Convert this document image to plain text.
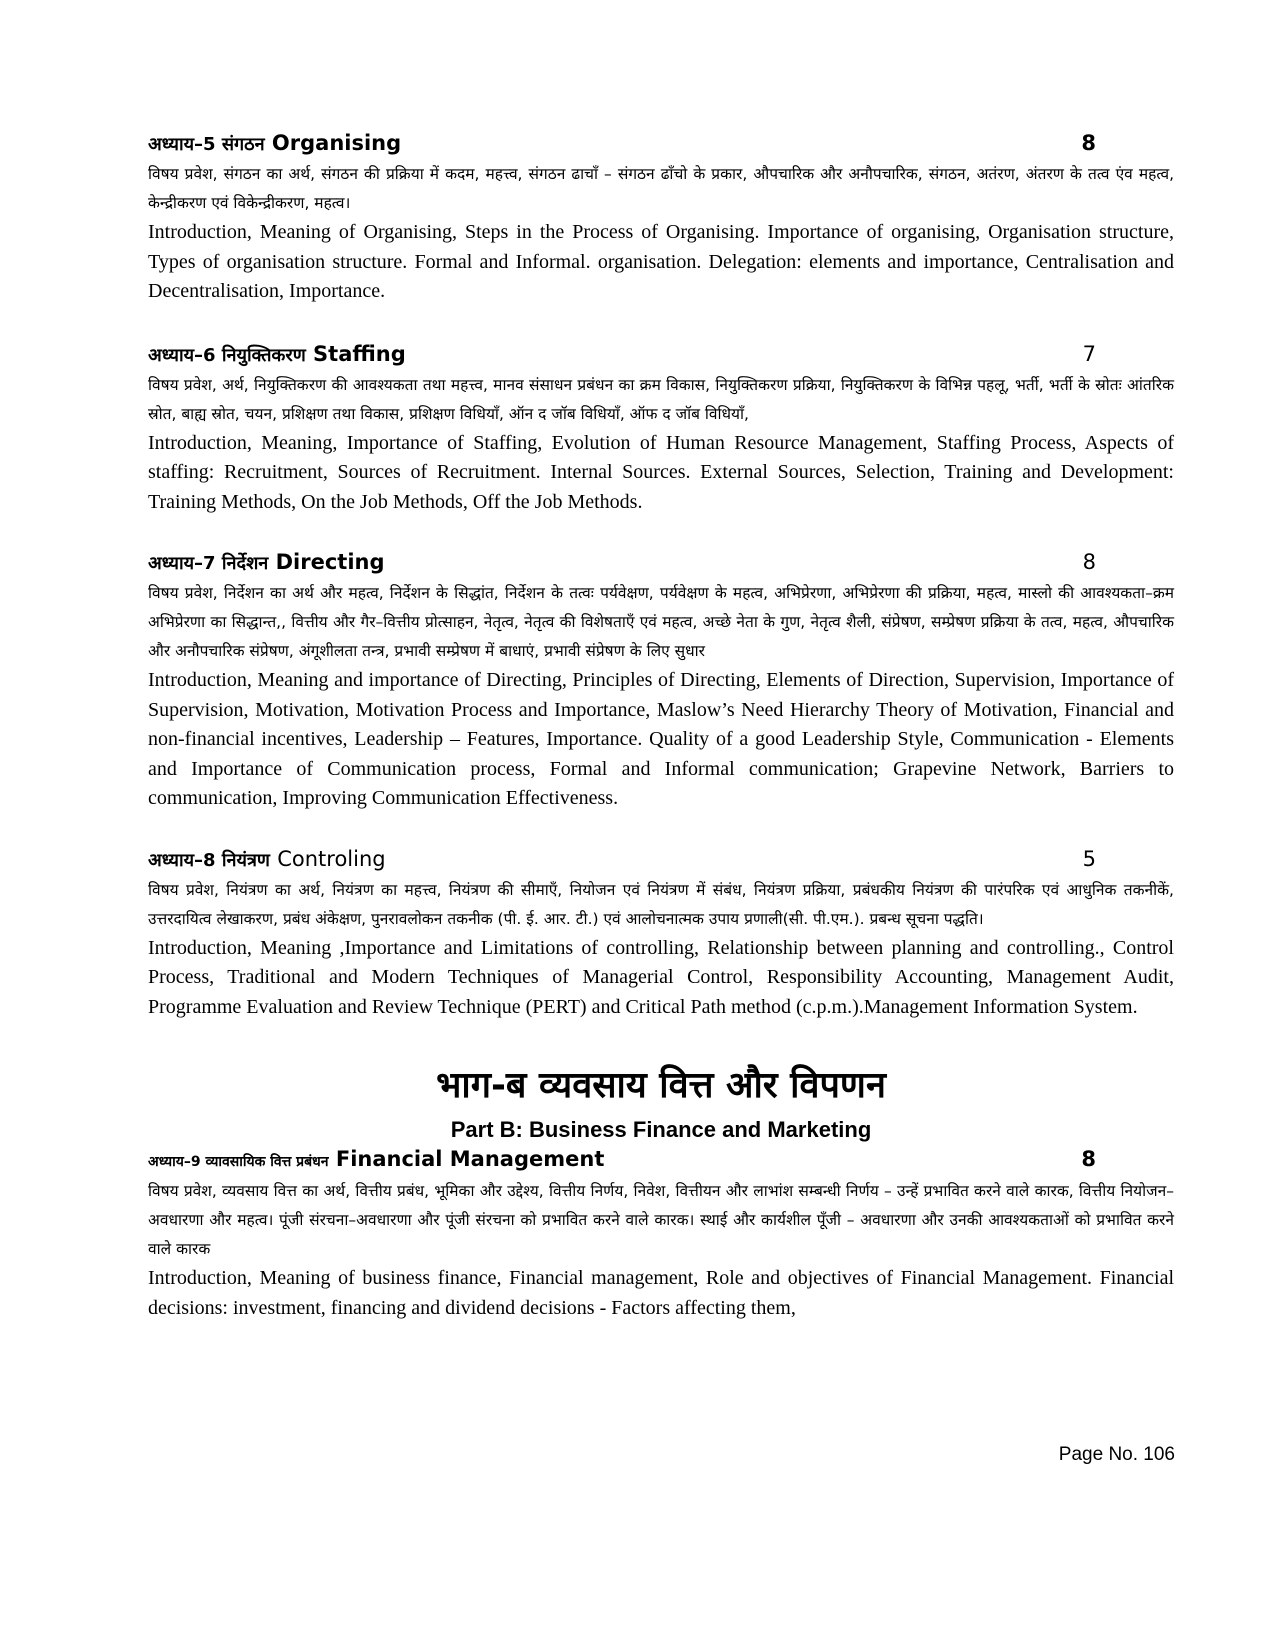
अध्याय–5 संगठन Organising	8

विषय प्रवेश, संगठन का अर्थ, संगठन की प्रक्रिया में कदम, महत्त्व, संगठन ढाचाँ – संगठन ढाँचो के प्रकार, औपचारिक और अनौपचारिक, संगठन, अतंरण, अंतरण के तत्व एंव महत्व, केन्द्रीकरण एवं विकेन्द्रीकरण, महत्व।

Introduction, Meaning of Organising, Steps in the Process of Organising. Importance of organising, Organisation structure, Types of organisation structure. Formal and Informal. organisation. Delegation: elements and importance, Centralisation and Decentralisation, Importance.

अध्याय–6 नियुक्तिकरण Staffing	7

विषय प्रवेश, अर्थ, नियुक्तिकरण की आवश्यकता तथा महत्त्व, मानव संसाधन प्रबंधन का क्रम विकास, नियुक्तिकरण प्रक्रिया, नियुक्तिकरण के विभिन्न पहलू, भर्ती, भर्ती के स्रोतः आंतरिक स्रोत, बाह्य स्रोत, चयन, प्रशिक्षण तथा विकास, प्रशिक्षण विधियाँ, ऑन द जॉब विधियाँ, ऑफ द जॉब विधियाँ,

Introduction, Meaning, Importance of Staffing, Evolution of Human Resource Management, Staffing Process, Aspects of staffing: Recruitment, Sources of Recruitment. Internal Sources. External Sources, Selection, Training and Development: Training Methods, On the Job Methods, Off the Job Methods.

अध्याय–7 निर्देशन Directing	8

विषय प्रवेश, निर्देशन का अर्थ और महत्व, निर्देशन के सिद्धांत, निर्देशन के तत्वः पर्यवेक्षण, पर्यवेक्षण के महत्व, अभिप्रेरणा, अभिप्रेरणा की प्रक्रिया, महत्व, मास्लो की आवश्यकता–क्रम अभिप्रेरणा का सिद्धान्त,, वित्तीय और गैर–वित्तीय प्रोत्साहन, नेतृत्व, नेतृत्व की विशेषताएँ एवं महत्व, अच्छे नेता के गुण, नेतृत्व शैली, संप्रेषण, सम्प्रेषण प्रक्रिया के तत्व, महत्व, औपचारिक और अनौपचारिक संप्रेषण, अंगूशीलता तन्त्र, प्रभावी सम्प्रेषण में बाधाएं, प्रभावी संप्रेषण के लिए सुधार

Introduction, Meaning and importance of Directing, Principles of Directing, Elements of Direction, Supervision, Importance of Supervision, Motivation, Motivation Process and Importance, Maslow’s Need Hierarchy Theory of Motivation, Financial and non-financial incentives, Leadership – Features, Importance. Quality of a good Leadership Style, Communication - Elements and Importance of Communication process, Formal and Informal communication; Grapevine Network, Barriers to communication, Improving Communication Effectiveness.

अध्याय–8 नियंत्रण Controling	5

विषय प्रवेश, नियंत्रण का अर्थ, नियंत्रण का महत्त्व, नियंत्रण की सीमाएँ, नियोजन एवं नियंत्रण में संबंध, नियंत्रण प्रक्रिया, प्रबंधकीय नियंत्रण की पारंपरिक एवं आधुनिक तकनीकें, उत्तरदायित्व लेखाकरण, प्रबंध अंकेक्षण, पुनरावलोकन तकनीक (पी. ई. आर. टी.) एवं आलोचनात्मक उपाय प्रणाली(सी. पी.एम.). प्रबन्ध सूचना पद्धति।

Introduction, Meaning ,Importance and Limitations of controlling, Relationship between planning and controlling., Control Process, Traditional and Modern Techniques of Managerial Control, Responsibility Accounting, Management Audit, Programme Evaluation and Review Technique (PERT) and Critical Path method (c.p.m.).Management Information System.

भाग-ब व्यवसाय वित्त और विपणन
Part B: Business Finance and Marketing
अध्याय–9 व्यावसायिक वित्त प्रबंधन Financial Management	8

विषय प्रवेश, व्यवसाय वित्त का अर्थ, वित्तीय प्रबंध, भूमिका और उद्देश्य, वित्तीय निर्णय, निवेश, वित्तीयन और लाभांश सम्बन्धी निर्णय – उन्हें प्रभावित करने वाले कारक, वित्तीय नियोजन–अवधारणा और महत्व। पूंजी संरचना–अवधारणा और पूंजी संरचना को प्रभावित करने वाले कारक। स्थाई और कार्यशील पूँजी – अवधारणा और उनकी आवश्यकताओं को प्रभावित करने वाले कारक

Introduction, Meaning of business finance, Financial management, Role and objectives of Financial Management. Financial decisions: investment, financing and dividend decisions - Factors affecting them,

Page No. 106
